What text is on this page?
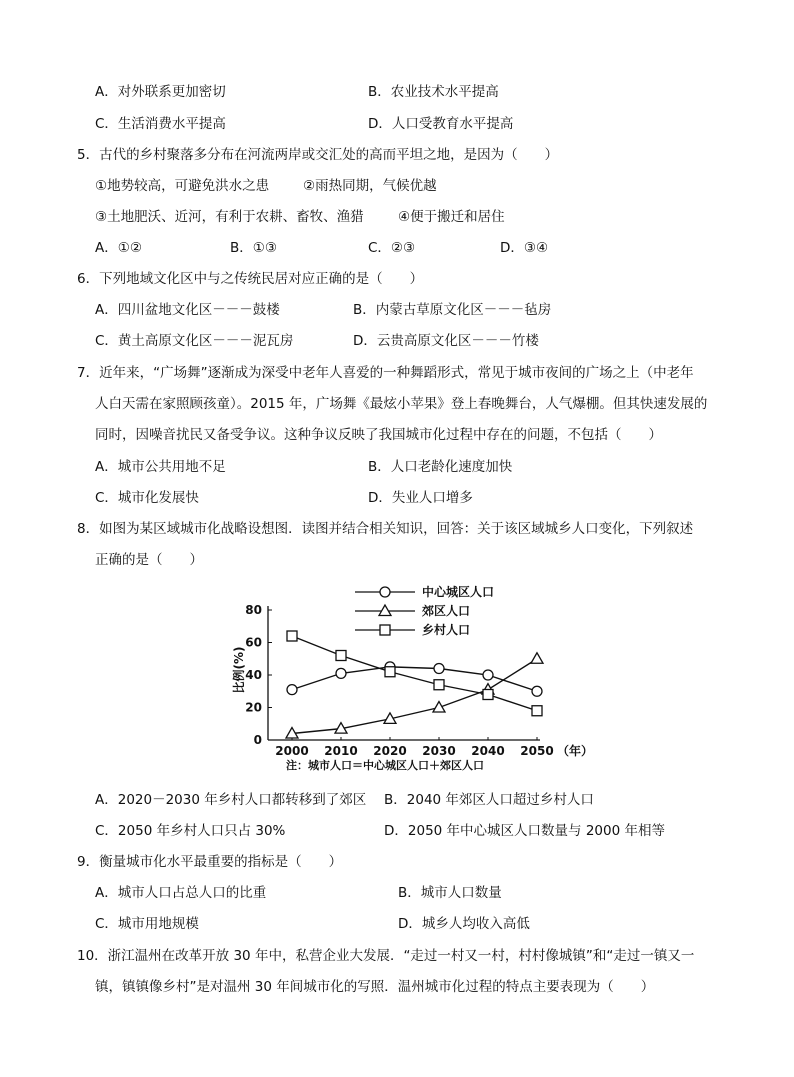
A．对外联系更加密切	B．农业技术水平提高
C．生活消费水平提高	D．人口受教育水平提高
5．古代的乡村聚落多分布在河流两岸或交汇处的高而平坦之地，是因为（　　）
①地势较高，可避免洪水之患	②雨热同期，气候优越
③土地肥沃、近河，有利于农耕、畜牧、渔猎	④便于搬迁和居住
A．①②	B．①③	C．②③	D．③④
6．下列地域文化区中与之传统民居对应正确的是（　　）
A．四川盆地文化区－－－鼓楼	B．内蒙古草原文化区－－－毡房
C．黄土高原文化区－－－泥瓦房	D．云贵高原文化区－－－竹楼
7．近年来，“广场舞”逐渐成为深受中老年人喜爱的一种舞蹈形式，常见于城市夜间的广场之上（中老年
人白天需在家照顾孩童）。2015 年，广场舞《最炫小苹果》登上春晚舞台，人气爆棚。但其快速发展的
同时，因噪音扰民又备受争议。这种争议反映了我国城市化过程中存在的问题，不包括（　　）
A．城市公共用地不足	B．人口老龄化速度加快
C．城市化发展快	D．失业人口增多
8．如图为某区域城市化战略设想图．读图并结合相关知识，回答：关于该区域城乡人口变化，下列叙述
正确的是（　　）
中心城区人口
郊区人口
乡村人口
0
20
40
60
80
2000 2010 2020 2030 2040 2050 （年）
比例(%)
注：城市人口＝中心城区人口＋郊区人口
A．2020－2030 年乡村人口都转移到了郊区 B．2040 年郊区人口超过乡村人口
C．2050 年乡村人口只占 30%	D．2050 年中心城区人口数量与 2000 年相等
9．衡量城市化水平最重要的指标是（　　）
A．城市人口占总人口的比重	B．城市人口数量
C．城市用地规模	D．城乡人均收入高低
10．浙江温州在改革开放 30 年中，私营企业大发展．“走过一村又一村，村村像城镇”和“走过一镇又一
镇，镇镇像乡村”是对温州 30 年间城市化的写照．温州城市化过程的特点主要表现为（　　）
